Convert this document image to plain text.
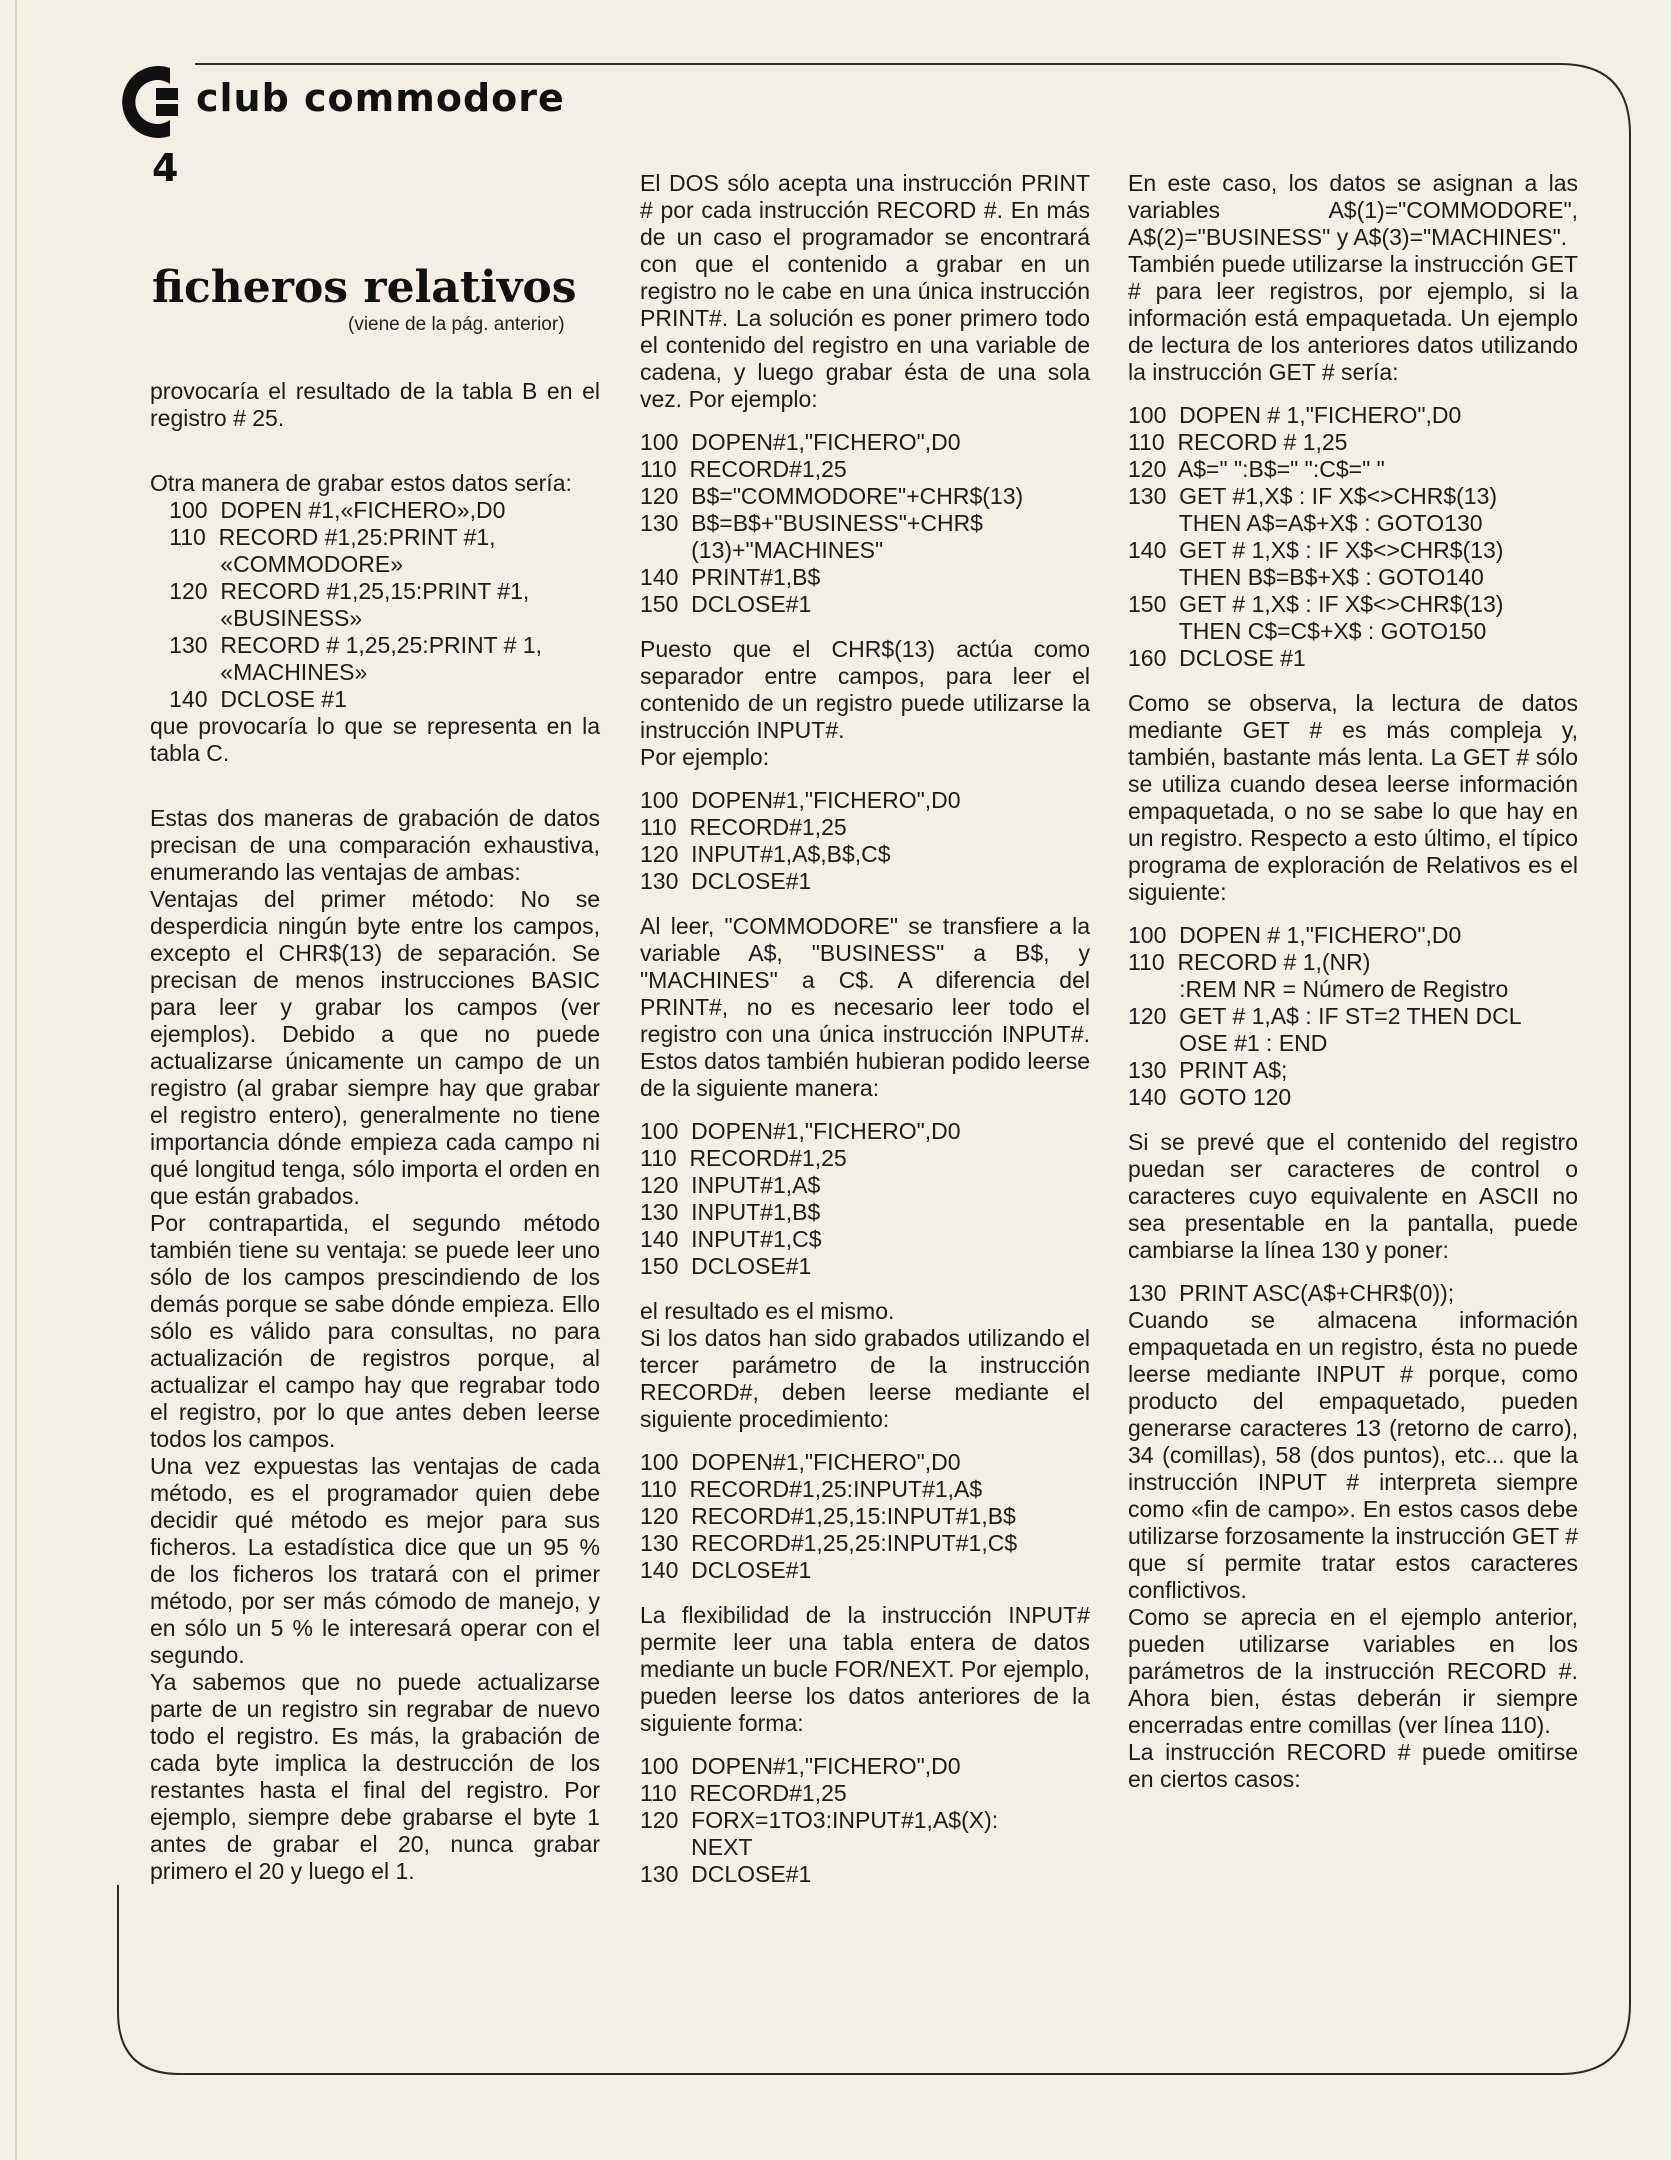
club commodore
4
ficheros relativos
(viene de la pág. anterior)

provocaría el resultado de la tabla B en el registro # 25.

Otra manera de grabar estos datos sería:

100  DOPEN #1,«FICHERO»,D0
110  RECORD #1,25:PRINT #1,
«COMMODORE»
120  RECORD #1,25,15:PRINT #1,
«BUSINESS»
130  RECORD # 1,25,25:PRINT # 1,
«MACHINES»
140  DCLOSE #1

que provocaría lo que se representa en la tabla C.

Estas dos maneras de grabación de datos precisan de una comparación exhaustiva, enumerando las ventajas de ambas:

Ventajas del primer método: No se desperdicia ningún byte entre los campos, excepto el CHR$(13) de separación. Se precisan de menos instrucciones BASIC para leer y grabar los campos (ver ejemplos). Debido a que no puede actualizarse únicamente un campo de un registro (al grabar siempre hay que grabar el registro entero), generalmente no tiene importancia dónde empieza cada campo ni qué longitud tenga, sólo importa el orden en que están grabados.

Por contrapartida, el segundo método también tiene su ventaja: se puede leer uno sólo de los campos prescindiendo de los demás porque se sabe dónde empieza. Ello sólo es válido para consultas, no para actualización de registros porque, al actualizar el campo hay que regrabar todo el registro, por lo que antes deben leerse todos los campos.

Una vez expuestas las ventajas de cada método, es el programador quien debe decidir qué método es mejor para sus ficheros. La estadística dice que un 95 % de los ficheros los tratará con el primer método, por ser más cómodo de manejo, y en sólo un 5 % le interesará operar con el segundo.

Ya sabemos que no puede actualizarse parte de un registro sin regrabar de nuevo todo el registro. Es más, la grabación de cada byte implica la destrucción de los restantes hasta el final del registro. Por ejemplo, siempre debe grabarse el byte 1 antes de grabar el 20, nunca grabar primero el 20 y luego el 1.

El DOS sólo acepta una instrucción PRINT # por cada instrucción RECORD #. En más de un caso el programador se encontrará con que el contenido a grabar en un registro no le cabe en una única instrucción PRINT#. La solución es poner primero todo el contenido del registro en una variable de cadena, y luego grabar ésta de una sola vez. Por ejemplo:

100  DOPEN#1,"FICHERO",D0
110  RECORD#1,25
120  B$="COMMODORE"+CHR$(13)
130  B$=B$+"BUSINESS"+CHR$
(13)+"MACHINES"
140  PRINT#1,B$
150  DCLOSE#1

Puesto que el CHR$(13) actúa como separador entre campos, para leer el contenido de un registro puede utilizarse la instrucción INPUT#.

Por ejemplo:

100  DOPEN#1,"FICHERO",D0
110  RECORD#1,25
120  INPUT#1,A$,B$,C$
130  DCLOSE#1

Al leer, "COMMODORE" se transfiere a la variable A$, "BUSINESS" a B$, y "MACHINES" a C$. A diferencia del PRINT#, no es necesario leer todo el registro con una única instrucción INPUT#. Estos datos también hubieran podido leerse de la siguiente manera:

100  DOPEN#1,"FICHERO",D0
110  RECORD#1,25
120  INPUT#1,A$
130  INPUT#1,B$
140  INPUT#1,C$
150  DCLOSE#1

el resultado es el mismo.

Si los datos han sido grabados utilizando el tercer parámetro de la instrucción RECORD#, deben leerse mediante el siguiente procedimiento:

100  DOPEN#1,"FICHERO",D0
110  RECORD#1,25:INPUT#1,A$
120  RECORD#1,25,15:INPUT#1,B$
130  RECORD#1,25,25:INPUT#1,C$
140  DCLOSE#1

La flexibilidad de la instrucción INPUT# permite leer una tabla entera de datos mediante un bucle FOR/NEXT. Por ejemplo, pueden leerse los datos anteriores de la siguiente forma:

100  DOPEN#1,"FICHERO",D0
110  RECORD#1,25
120  FORX=1TO3:INPUT#1,A$(X):
NEXT
130  DCLOSE#1

En este caso, los datos se asignan a las variables A$(1)="COMMODORE", A$(2)="BUSINESS" y A$(3)="MACHINES".

También puede utilizarse la instrucción GET # para leer registros, por ejemplo, si la información está empaquetada. Un ejemplo de lectura de los anteriores datos utilizando la instrucción GET # sería:

100  DOPEN # 1,"FICHERO",D0
110  RECORD # 1,25
120  A$=" ":B$=" ":C$=" "
130  GET #1,X$ : IF X$<>CHR$(13)
THEN A$=A$+X$ : GOTO130
140  GET # 1,X$ : IF X$<>CHR$(13)
THEN B$=B$+X$ : GOTO140
150  GET # 1,X$ : IF X$<>CHR$(13)
THEN C$=C$+X$ : GOTO150
160  DCLOSE #1

Como se observa, la lectura de datos mediante GET # es más compleja y, también, bastante más lenta. La GET # sólo se utiliza cuando desea leerse información empaquetada, o no se sabe lo que hay en un registro. Respecto a esto último, el típico programa de exploración de Relativos es el siguiente:

100  DOPEN # 1,"FICHERO",D0
110  RECORD # 1,(NR)
:REM NR = Número de Registro
120  GET # 1,A$ : IF ST=2 THEN DCL
OSE #1 : END
130  PRINT A$;
140  GOTO 120

Si se prevé que el contenido del registro puedan ser caracteres de control o caracteres cuyo equivalente en ASCII no sea presentable en la pantalla, puede cambiarse la línea 130 y poner:

130  PRINT ASC(A$+CHR$(0));

Cuando se almacena información empaquetada en un registro, ésta no puede leerse mediante INPUT # porque, como producto del empaquetado, pueden generarse caracteres 13 (retorno de carro), 34 (comillas), 58 (dos puntos), etc... que la instrucción INPUT # interpreta siempre como «fin de campo». En estos casos debe utilizarse forzosamente la instrucción GET # que sí permite tratar estos caracteres conflictivos.

Como se aprecia en el ejemplo anterior, pueden utilizarse variables en los parámetros de la instrucción RECORD #. Ahora bien, éstas deberán ir siempre encerradas entre comillas (ver línea 110).

La instrucción RECORD # puede omitirse en ciertos casos:
